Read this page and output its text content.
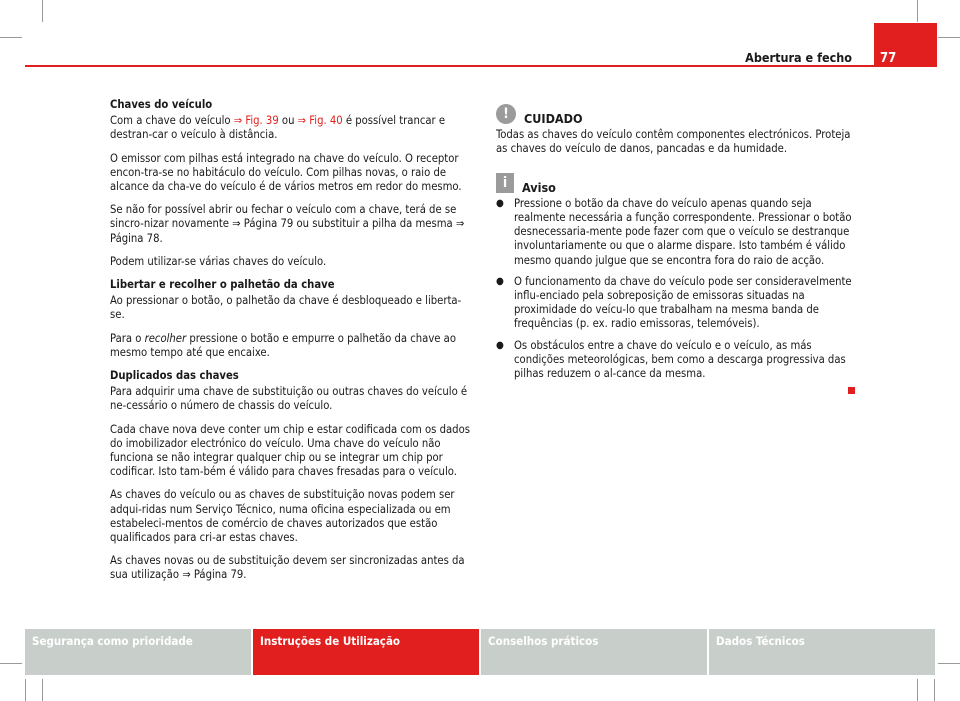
Abertura e fecho 77

Chaves do veículo

Com a chave do veículo ⇒ Fig. 39 ou ⇒ Fig. 40 é possível trancar e destran-car o veículo à distância.

O emissor com pilhas está integrado na chave do veículo. O receptor encon-tra-se no habitáculo do veículo. Com pilhas novas, o raio de alcance da cha-ve do veículo é de vários metros em redor do mesmo.

Se não for possível abrir ou fechar o veículo com a chave, terá de se sincro-nizar novamente ⇒ Página 79 ou substituir a pilha da mesma ⇒ Página 78.

Podem utilizar-se várias chaves do veículo.

Libertar e recolher o palhetão da chave

Ao pressionar o botão, o palhetão da chave é desbloqueado e liberta-se.

Para o recolher pressione o botão e empurre o palhetão da chave ao mesmo tempo até que encaixe.

Duplicados das chaves

Para adquirir uma chave de substituição ou outras chaves do veículo é ne-cessário o número de chassis do veículo.

Cada chave nova deve conter um chip e estar codificada com os dados do imobilizador electrónico do veículo. Uma chave do veículo não funciona se não integrar qualquer chip ou se integrar um chip por codificar. Isto tam-bém é válido para chaves fresadas para o veículo.

As chaves do veículo ou as chaves de substituição novas podem ser adqui-ridas num Serviço Técnico, numa oficina especializada ou em estabeleci-mentos de comércio de chaves autorizados que estão qualificados para cri-ar estas chaves.

As chaves novas ou de substituição devem ser sincronizadas antes da sua utilização ⇒ Página 79.

!	CUIDADO

Todas as chaves do veículo contêm componentes electrónicos. Proteja as chaves do veículo de danos, pancadas e da humidade.

i	Aviso
● Pressione o botão da chave do veículo apenas quando seja realmente necessária a função correspondente. Pressionar o botão desnecessaria-mente pode fazer com que o veículo se destranque involuntariamente ou que o alarme dispare. Isto também é válido mesmo quando julgue que se encontra fora do raio de acção.
● O funcionamento da chave do veículo pode ser consideravelmente influ-enciado pela sobreposição de emissoras situadas na proximidade do veícu-lo que trabalham na mesma banda de frequências (p. ex. radio emissoras, telemóveis).
● Os obstáculos entre a chave do veículo e o veículo, as más condições meteorológicas, bem como a descarga progressiva das pilhas reduzem o al-cance da mesma.
Segurança como prioridade	Instruções de Utilização	Conselhos práticos	Dados Técnicos
